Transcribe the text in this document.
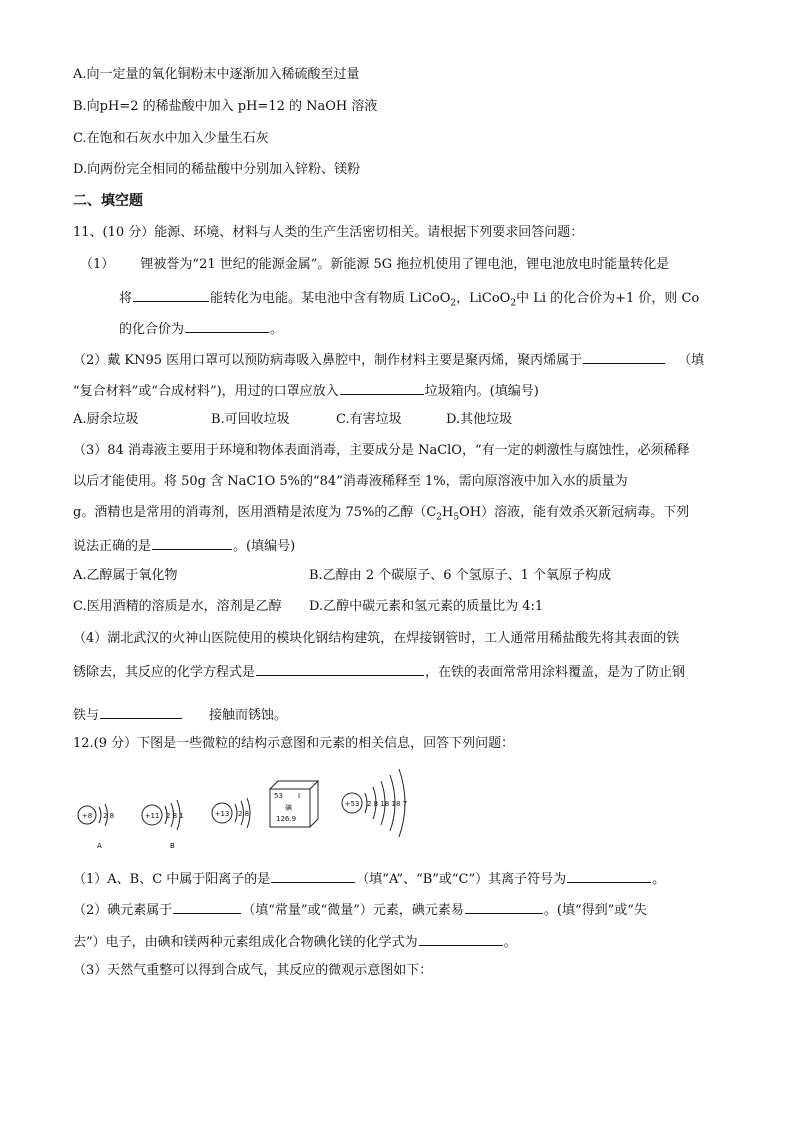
A.向一定量的氧化铜粉末中逐渐加入稀硫酸至过量
B.向pH=2 的稀盐酸中加入 pH=12 的 NaOH 溶液
C.在饱和石灰水中加入少量生石灰
D.向两份完全相同的稀盐酸中分别加入锌粉、镁粉
二、填空题
11、(10 分）能源、环境、材料与人类的生产生活密切相关。请根据下列要求回答问题：
（1） 锂被誉为“21 世纪的能源金属”。新能源 5G 拖拉机使用了锂电池，锂电池放电时能量转化是
将	能转化为电能。某电池中含有物质 LiCoO$_2$，LiCoO$_2$中 Li 的化合价为+1 价，则 Co
的化合价为	。
（2）戴 KN95 医用口罩可以预防病毒吸入鼻腔中，制作材料主要是聚丙烯，聚丙烯属于	（填
“复合材料”或“合成材料”)，用过的口罩应放入	垃圾箱内。(填编号)
A.厨余垃圾	B.可回收垃圾	C.有害垃圾	D.其他垃圾
（3）84 消毒液主要用于环境和物体表面消毒，主要成分是 NaClO，“有一定的刺激性与腐蚀性，必须稀释
以后才能使用。将 50g 含 NaC1O 5%的“84”消毒液稀释至 1%，需向原溶液中加入水的质量为
g。酒精也是常用的消毒剂，医用酒精是浓度为 75%的乙醇$(C_2H_5OH)$溶液，能有效杀灭新冠病毒。下列
说法正确的是	。(填编号)
A.乙醇属于氧化物	B.乙醇由 2 个碳原子、6 个氢原子、1 个氧原子构成
C.医用酒精的溶质是水，溶剂是乙醇 D.乙醇中碳元素和氢元素的质量比为 4:1
（4）湖北武汉的火神山医院使用的模块化钢结构建筑，在焊接钢管时，工人通常用稀盐酸先将其表面的铁
锈除去，其反应的化学方程式是	，在铁的表面常常用涂料覆盖，是为了防止钢
铁与	接触而锈蚀。
12.(9 分）下图是一些微粒的结构示意图和元素的相关信息，回答下列问题：
+8 2 8
A
+11 2 8 1
B
+13 2 8
53 I
碘
126.9
+53 2 8 18 18 7
（1）A、B、C 中属于阳离子的是	（填“A”、“B”或“C”）其离子符号为	。
（2）碘元素属于	（填“常量”或“微量”）元素，碘元素易	。(填“得到”或“失
去”）电子，由碘和镁两种元素组成化合物碘化镁的化学式为	。
（3）天然气重整可以得到合成气，其反应的微观示意图如下：
